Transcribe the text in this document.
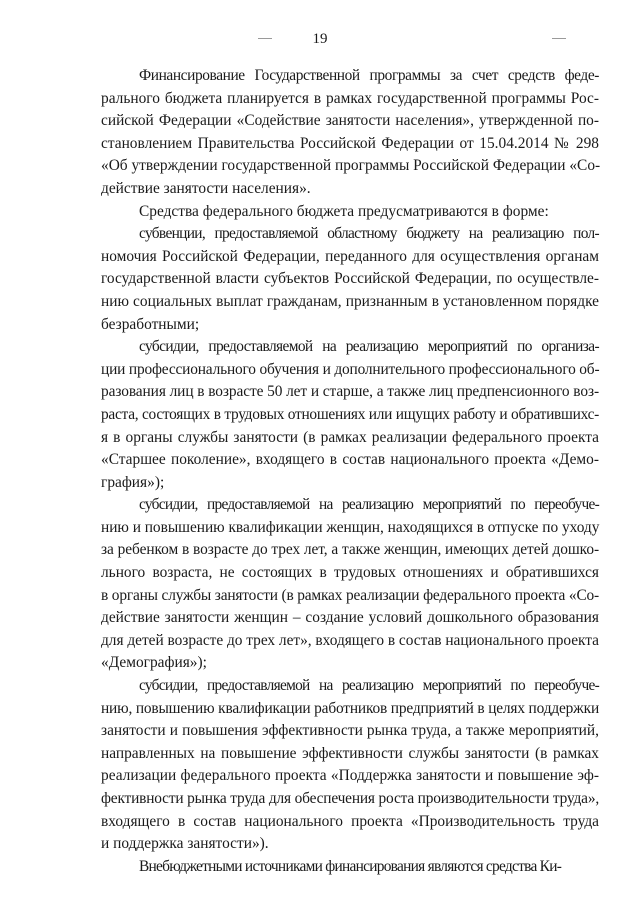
19
Финансирование Государственной программы за счет средств феде-
рального бюджета планируется в рамках государственной программы Рос-
сийской Федерации «Содействие занятости населения», утвержденной по-
становлением Правительства Российской Федерации от 15.04.2014 № 298
«Об утверждении государственной программы Российской Федерации «Со-
действие занятости населения».
Средства федерального бюджета предусматриваются в форме:
субвенции, предоставляемой областному бюджету на реализацию пол-
номочия Российской Федерации, переданного для осуществления органам
государственной власти субъектов Российской Федерации, по осуществле-
нию социальных выплат гражданам, признанным в установленном порядке
безработными;
субсидии, предоставляемой на реализацию мероприятий по организа-
ции профессионального обучения и дополнительного профессионального об-
разования лиц в возрасте 50 лет и старше, а также лиц предпенсионного воз-
раста, состоящих в трудовых отношениях или ищущих работу и обратившихс-
я в органы службы занятости (в рамках реализации федерального проекта
«Старшее поколение», входящего в состав национального проекта «Демо-
графия»);
субсидии, предоставляемой на реализацию мероприятий по переобуче-
нию и повышению квалификации женщин, находящихся в отпуске по уходу
за ребенком в возрасте до трех лет, а также женщин, имеющих детей дошко-
льного возраста, не состоящих в трудовых отношениях и обратившихся
в органы службы занятости (в рамках реализации федерального проекта «Со-
действие занятости женщин – создание условий дошкольного образования
для детей возрасте до трех лет», входящего в состав национального проекта
«Демография»);
субсидии, предоставляемой на реализацию мероприятий по переобуче-
нию, повышению квалификации работников предприятий в целях поддержки
занятости и повышения эффективности рынка труда, а также мероприятий,
направленных на повышение эффективности службы занятости (в рамках
реализации федерального проекта «Поддержка занятости и повышение эф-
фективности рынка труда для обеспечения роста производительности труда»,
входящего в состав национального проекта «Производительность труда
и поддержка занятости»).
Внебюджетными источниками финансирования являются средства Ки-
